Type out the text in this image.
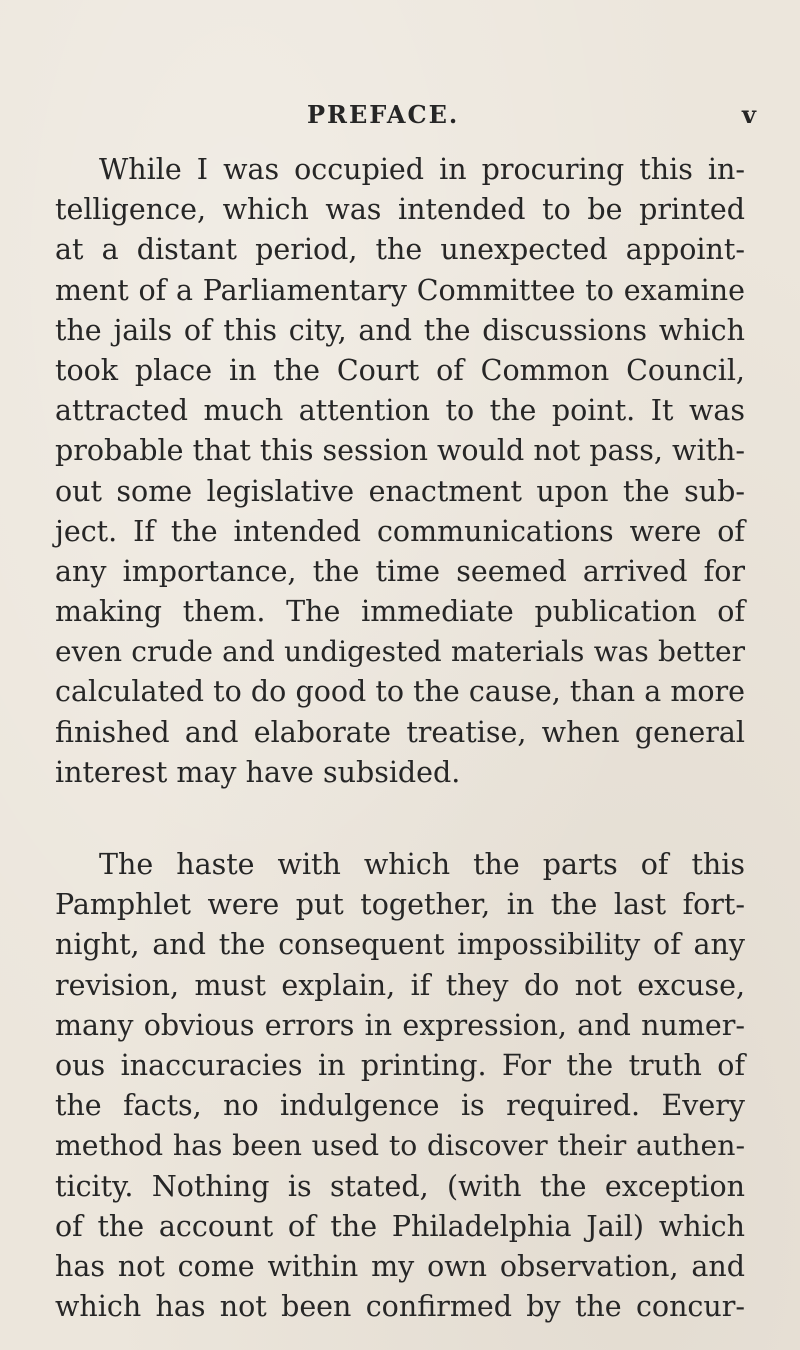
PREFACE.	v
While I was occupied in procuring this in-
telligence, which was intended to be printed
at a distant period, the unexpected appoint-
ment of a Parliamentary Committee to examine
the jails of this city, and the discussions which
took place in the Court of Common Council,
attracted much attention to the point. It was
probable that this session would not pass, with-
out some legislative enactment upon the sub-
ject. If the intended communications were of
any importance, the time seemed arrived for
making them. The immediate publication of
even crude and undigested materials was better
calculated to do good to the cause, than a more
finished and elaborate treatise, when general
interest may have subsided.
The haste with which the parts of this
Pamphlet were put together, in the last fort-
night, and the consequent impossibility of any
revision, must explain, if they do not excuse,
many obvious errors in expression, and numer-
ous inaccuracies in printing. For the truth of
the facts, no indulgence is required. Every
method has been used to discover their authen-
ticity. Nothing is stated, (with the exception
of the account of the Philadelphia Jail) which
has not come within my own observation, and
which has not been confirmed by the concur-
